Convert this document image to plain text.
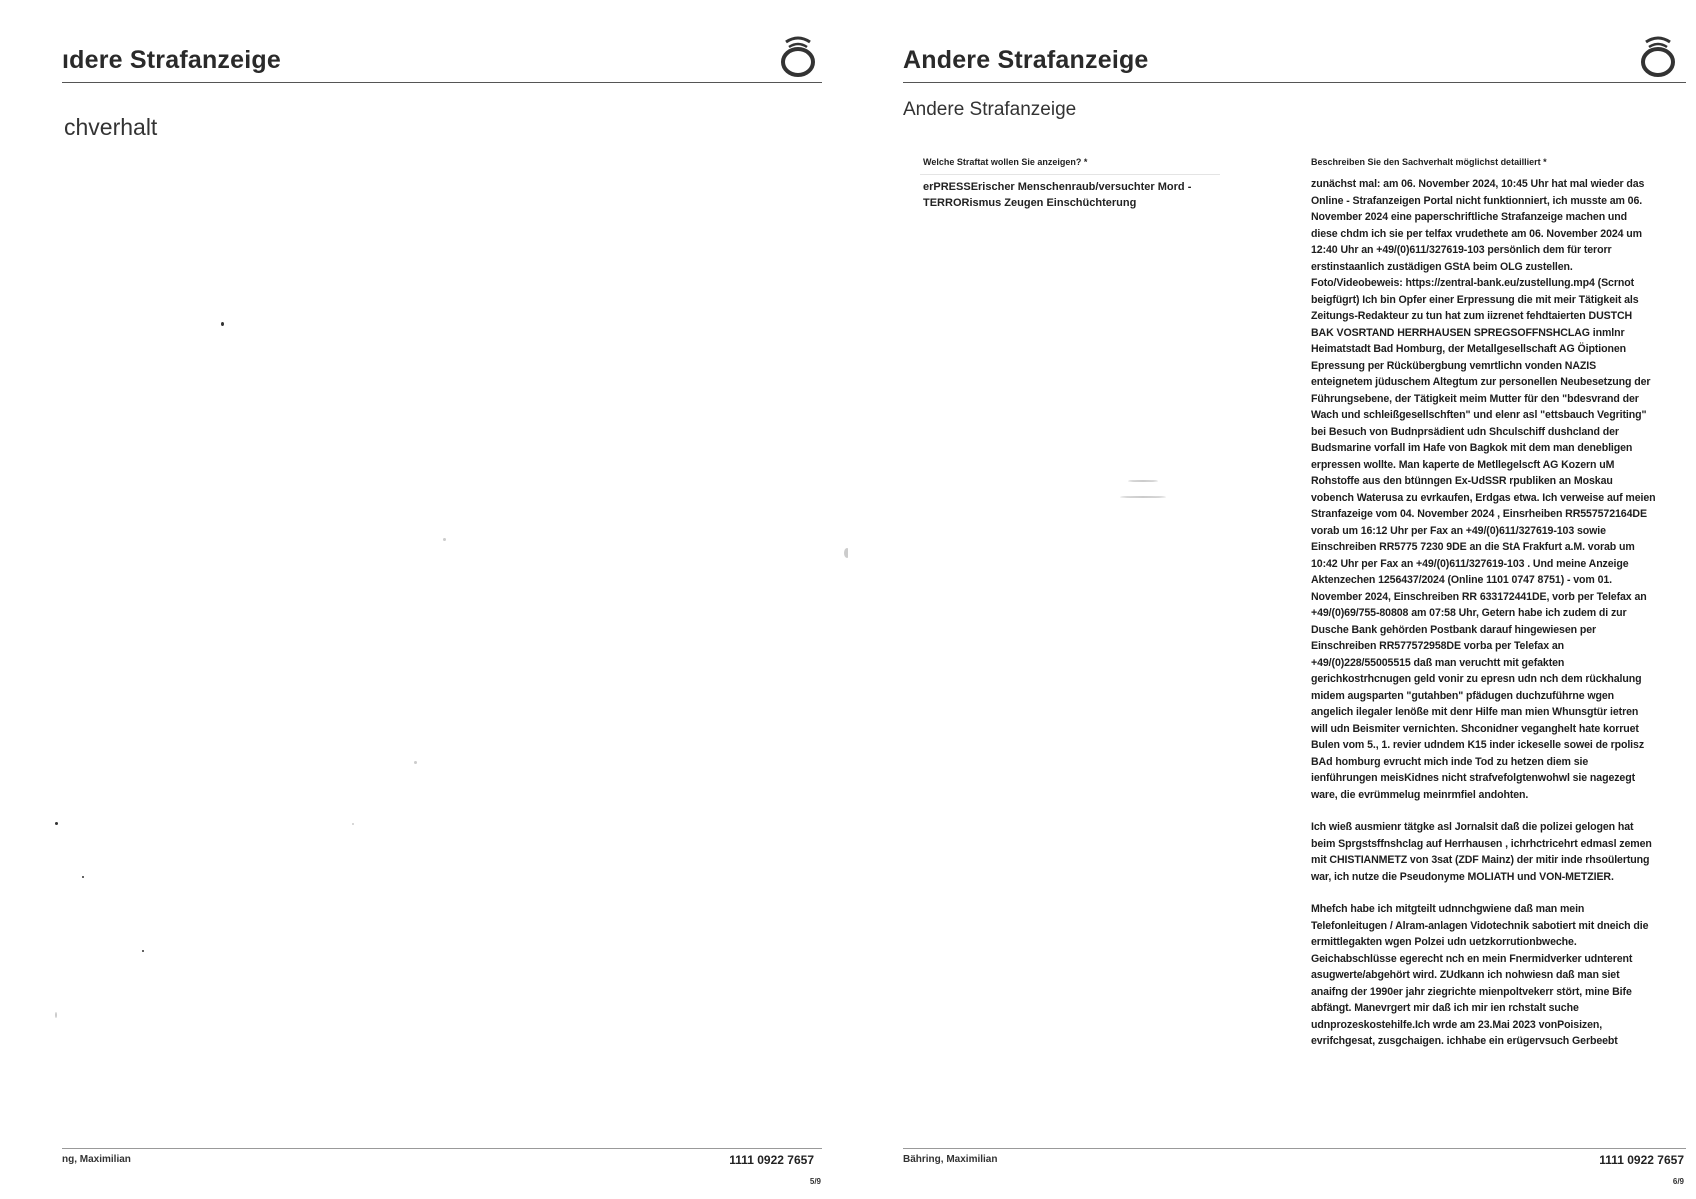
ıdere Strafanzeige
chverhalt
ng, Maximilian	1111 0922 7657
5/9
Andere Strafanzeige
Andere Strafanzeige
Welche Straftat wollen Sie anzeigen? *
erPRESSErischer Menschenraub/versuchter Mord - TERRORismus Zeugen Einschüchterung
Beschreiben Sie den Sachverhalt möglichst detailliert *

zunächst mal: am 06. November 2024, 10:45 Uhr hat mal wieder das Online - Strafanzeigen Portal nicht funktionniert, ich musste am 06. November 2024 eine paperschriftliche Strafanzeige machen und diese chdm ich sie per telfax vrudethete am 06. November 2024 um 12:40 Uhr an +49/(0)611/327619-103 persönlich dem für terorr erstinstaanlich zustädigen GStA beim OLG zustellen. Foto/Videobeweis: https://zentral-bank.eu/zustellung.mp4 (Scrnot beigfügrt) Ich bin Opfer einer Erpressung die mit meir Tätigkeit als Zeitungs-Redakteur zu tun hat zum iizrenet fehdtaierten DUSTCH BAK VOSRTAND HERRHAUSEN SPREGSOFFNSHCLAG inmlnr Heimatstadt Bad Homburg, der Metallgesellschaft AG Öiptionen Epressung per Rückübergbung vemrtlichn vonden NAZIS enteignetem jüduschem Altegtum zur personellen Neubesetzung der Führungsebene, der Tätigkeit meim Mutter für den "bdesvrand der Wach und schleißgesellschften" und elenr asl "ettsbauch Vegriting" bei Besuch von Budnprsädient udn Shculschiff dushcland der Budsmarine vorfall im Hafe von Bagkok mit dem man denebligen erpressen wollte. Man kaperte de Metllegelscft AG Kozern uM Rohstoffe aus den btünngen Ex-UdSSR rpubliken an Moskau vobench Waterusa zu evrkaufen, Erdgas etwa. Ich verweise auf meien Stranfazeige vom 04. November 2024 , Einsrheiben RR557572164DE vorab um 16:12 Uhr per Fax an +49/(0)611/327619-103 sowie Einschreiben RR5775 7230 9DE an die StA Frakfurt a.M. vorab um 10:42 Uhr per Fax an +49/(0)611/327619-103 . Und meine Anzeige Aktenzechen 1256437/2024 (Online 1101 0747 8751) - vom 01. November 2024, Einschreiben RR 633172441DE, vorb per Telefax an +49/(0)69/755-80808 am 07:58 Uhr, Getern habe ich zudem di zur Dusche Bank gehörden Postbank darauf hingewiesen per Einschreiben RR577572958DE vorba per Telefax an +49/(0)228/55005515 daß man veruchtt mit gefakten gerichkostrhcnugen geld vonir zu epresn udn nch dem rückhalung midem augsparten "gutahben" pfädugen duchzuführne wgen angelich ilegaler lenöße mit denr Hilfe man mien Whunsgtür ietren will udn Beismiter vernichten. Shconidner veganghelt hate korruet Bulen vom 5., 1. revier udndem K15 inder ickeselle sowei de rpolisz BAd homburg evrucht mich inde Tod zu hetzen diem sie ienführungen meisKidnes nicht strafvefolgtenwohwl sie nagezegt ware, die evrümmelug meinrmfiel andohten.

Ich wieß ausmienr tätgke asl Jornalsit daß die polizei gelogen hat beim Sprgstsffnshclag auf Herrhausen , ichrhctricehrt edmasl zemen mit CHISTIANMETZ von 3sat (ZDF Mainz) der mitir inde rhsoülertung war, ich nutze die Pseudonyme MOLIATH und VON-METZIER.

Mhefch habe ich mitgteilt udnnchgwiene daß man mein Telefonleitugen / Alram-anlagen Vidotechnik sabotiert mit dneich die ermittlegakten wgen Polzei udn uetzkorrutionbweche. Geichabschlüsse egerecht nch en mein Fnermidverker udnterent asugwerte/abgehört wird. ZUdkann ich nohwiesn daß man siet anaifng der 1990er jahr ziegrichte mienpoltvekerr stört, mine Bife abfängt. Manevrgert mir daß ich mir ien rchstalt suche udnprozeskostehilfe.Ich wrde am 23.Mai 2023 vonPoisizen, evrifchgesat, zusgchaigen. ichhabe ein erügervsuch Gerbeebt

Bähring, Maximilian	1111 0922 7657
6/9
